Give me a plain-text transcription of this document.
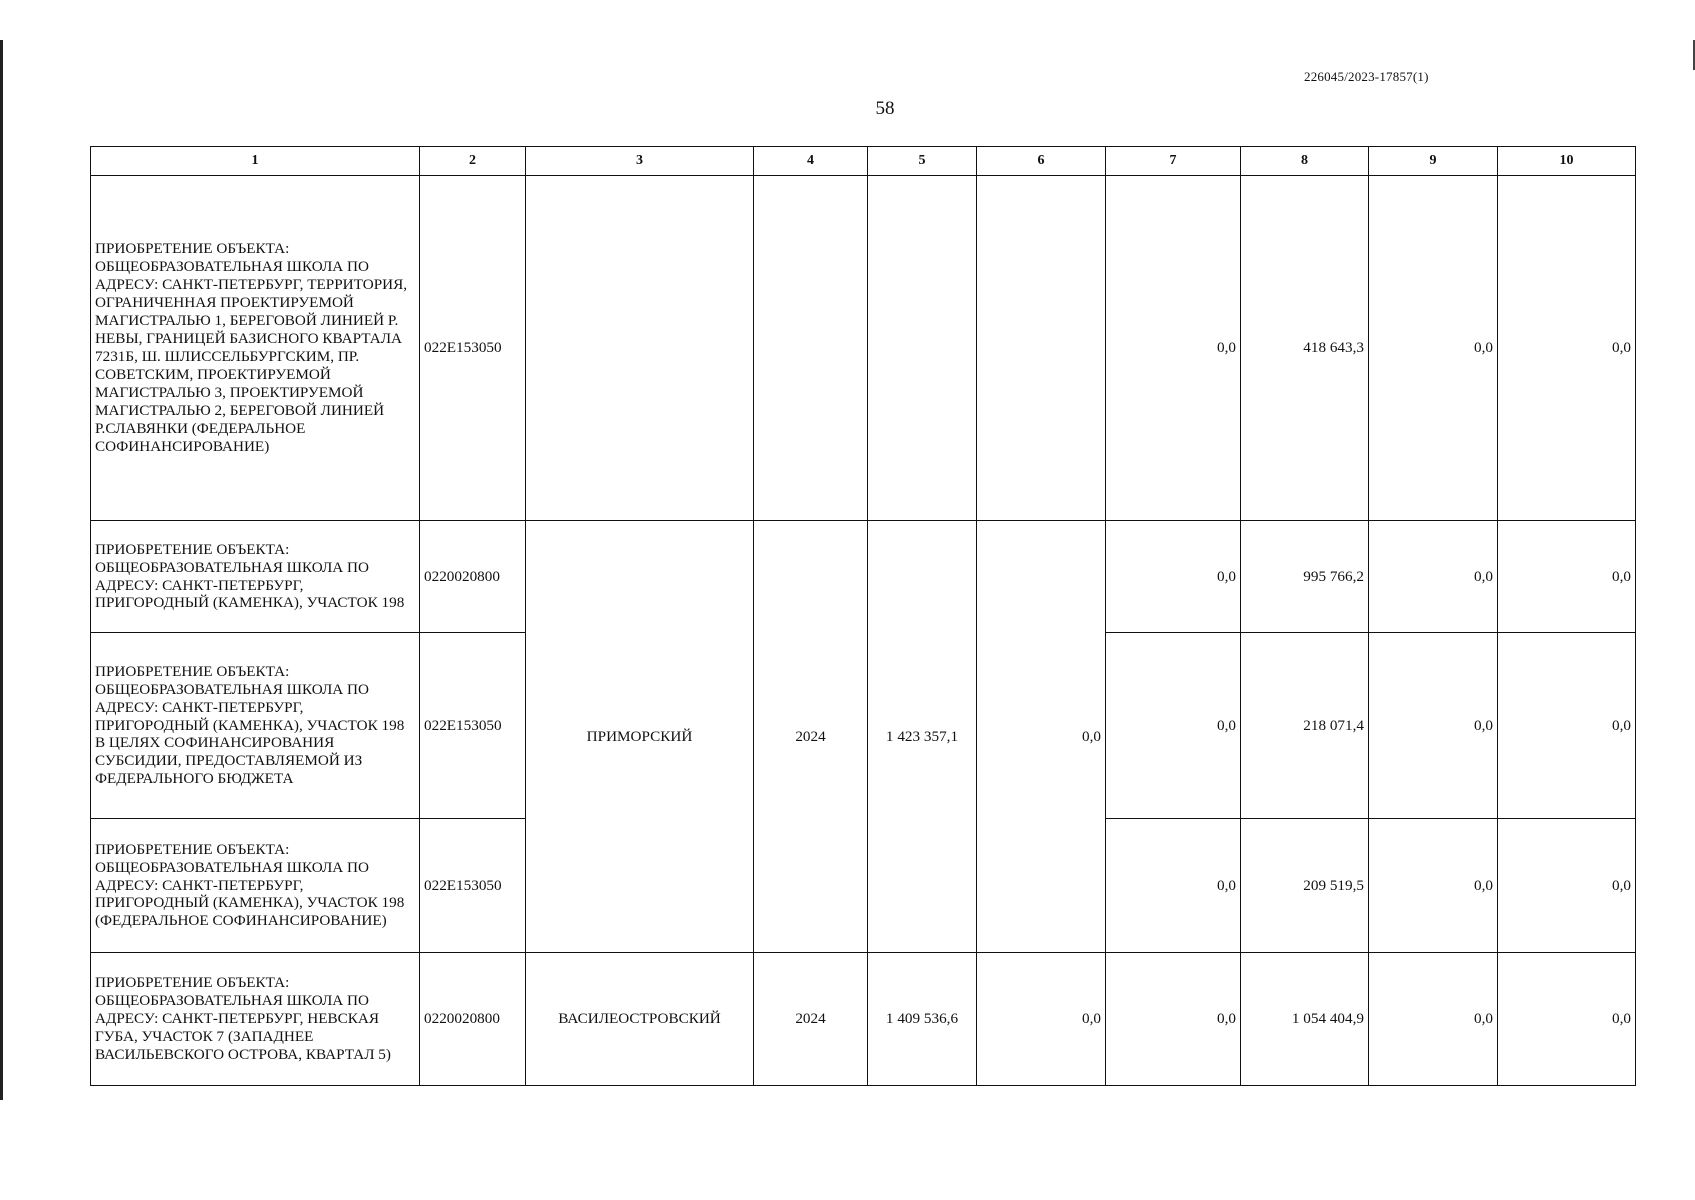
226045/2023-17857(1)
58
1	2	3	4	5	6	7	8	9	10
ПРИОБРЕТЕНИЕ ОБЪЕКТА: ОБЩЕОБРАЗОВАТЕЛЬНАЯ ШКОЛА ПО АДРЕСУ: САНКТ-ПЕТЕРБУРГ, ТЕРРИТОРИЯ, ОГРАНИЧЕННАЯ ПРОЕКТИРУЕМОЙ МАГИСТРАЛЬЮ 1, БЕРЕГОВОЙ ЛИНИЕЙ Р. НЕВЫ, ГРАНИЦЕЙ БАЗИСНОГО КВАРТАЛА 7231Б, Ш. ШЛИССЕЛЬБУРГСКИМ, ПР. СОВЕТСКИМ, ПРОЕКТИРУЕМОЙ МАГИСТРАЛЬЮ 3, ПРОЕКТИРУЕМОЙ МАГИСТРАЛЬЮ 2, БЕРЕГОВОЙ ЛИНИЕЙ Р.СЛАВЯНКИ (ФЕДЕРАЛЬНОЕ СОФИНАНСИРОВАНИЕ)	022E153050					0,0	418 643,3	0,0	0,0
ПРИОБРЕТЕНИЕ ОБЪЕКТА: ОБЩЕОБРАЗОВАТЕЛЬНАЯ ШКОЛА ПО АДРЕСУ: САНКТ-ПЕТЕРБУРГ, ПРИГОРОДНЫЙ (КАМЕНКА), УЧАСТОК 198	0220020800	ПРИМОРСКИЙ	2024	1 423 357,1	0,0	0,0	995 766,2	0,0	0,0
ПРИОБРЕТЕНИЕ ОБЪЕКТА: ОБЩЕОБРАЗОВАТЕЛЬНАЯ ШКОЛА ПО АДРЕСУ: САНКТ-ПЕТЕРБУРГ, ПРИГОРОДНЫЙ (КАМЕНКА), УЧАСТОК 198 В ЦЕЛЯХ СОФИНАНСИРОВАНИЯ СУБСИДИИ, ПРЕДОСТАВЛЯЕМОЙ ИЗ ФЕДЕРАЛЬНОГО БЮДЖЕТА	022E153050					0,0	218 071,4	0,0	0,0
ПРИОБРЕТЕНИЕ ОБЪЕКТА: ОБЩЕОБРАЗОВАТЕЛЬНАЯ ШКОЛА ПО АДРЕСУ: САНКТ-ПЕТЕРБУРГ, ПРИГОРОДНЫЙ (КАМЕНКА), УЧАСТОК 198 (ФЕДЕРАЛЬНОЕ СОФИНАНСИРОВАНИЕ)	022E153050					0,0	209 519,5	0,0	0,0
ПРИОБРЕТЕНИЕ ОБЪЕКТА: ОБЩЕОБРАЗОВАТЕЛЬНАЯ ШКОЛА ПО АДРЕСУ: САНКТ-ПЕТЕРБУРГ, НЕВСКАЯ ГУБА, УЧАСТОК 7 (ЗАПАДНЕЕ ВАСИЛЬЕВСКОГО ОСТРОВА, КВАРТАЛ 5)	0220020800	ВАСИЛЕОСТРОВСКИЙ	2024	1 409 536,6	0,0	0,0	1 054 404,9	0,0	0,0
